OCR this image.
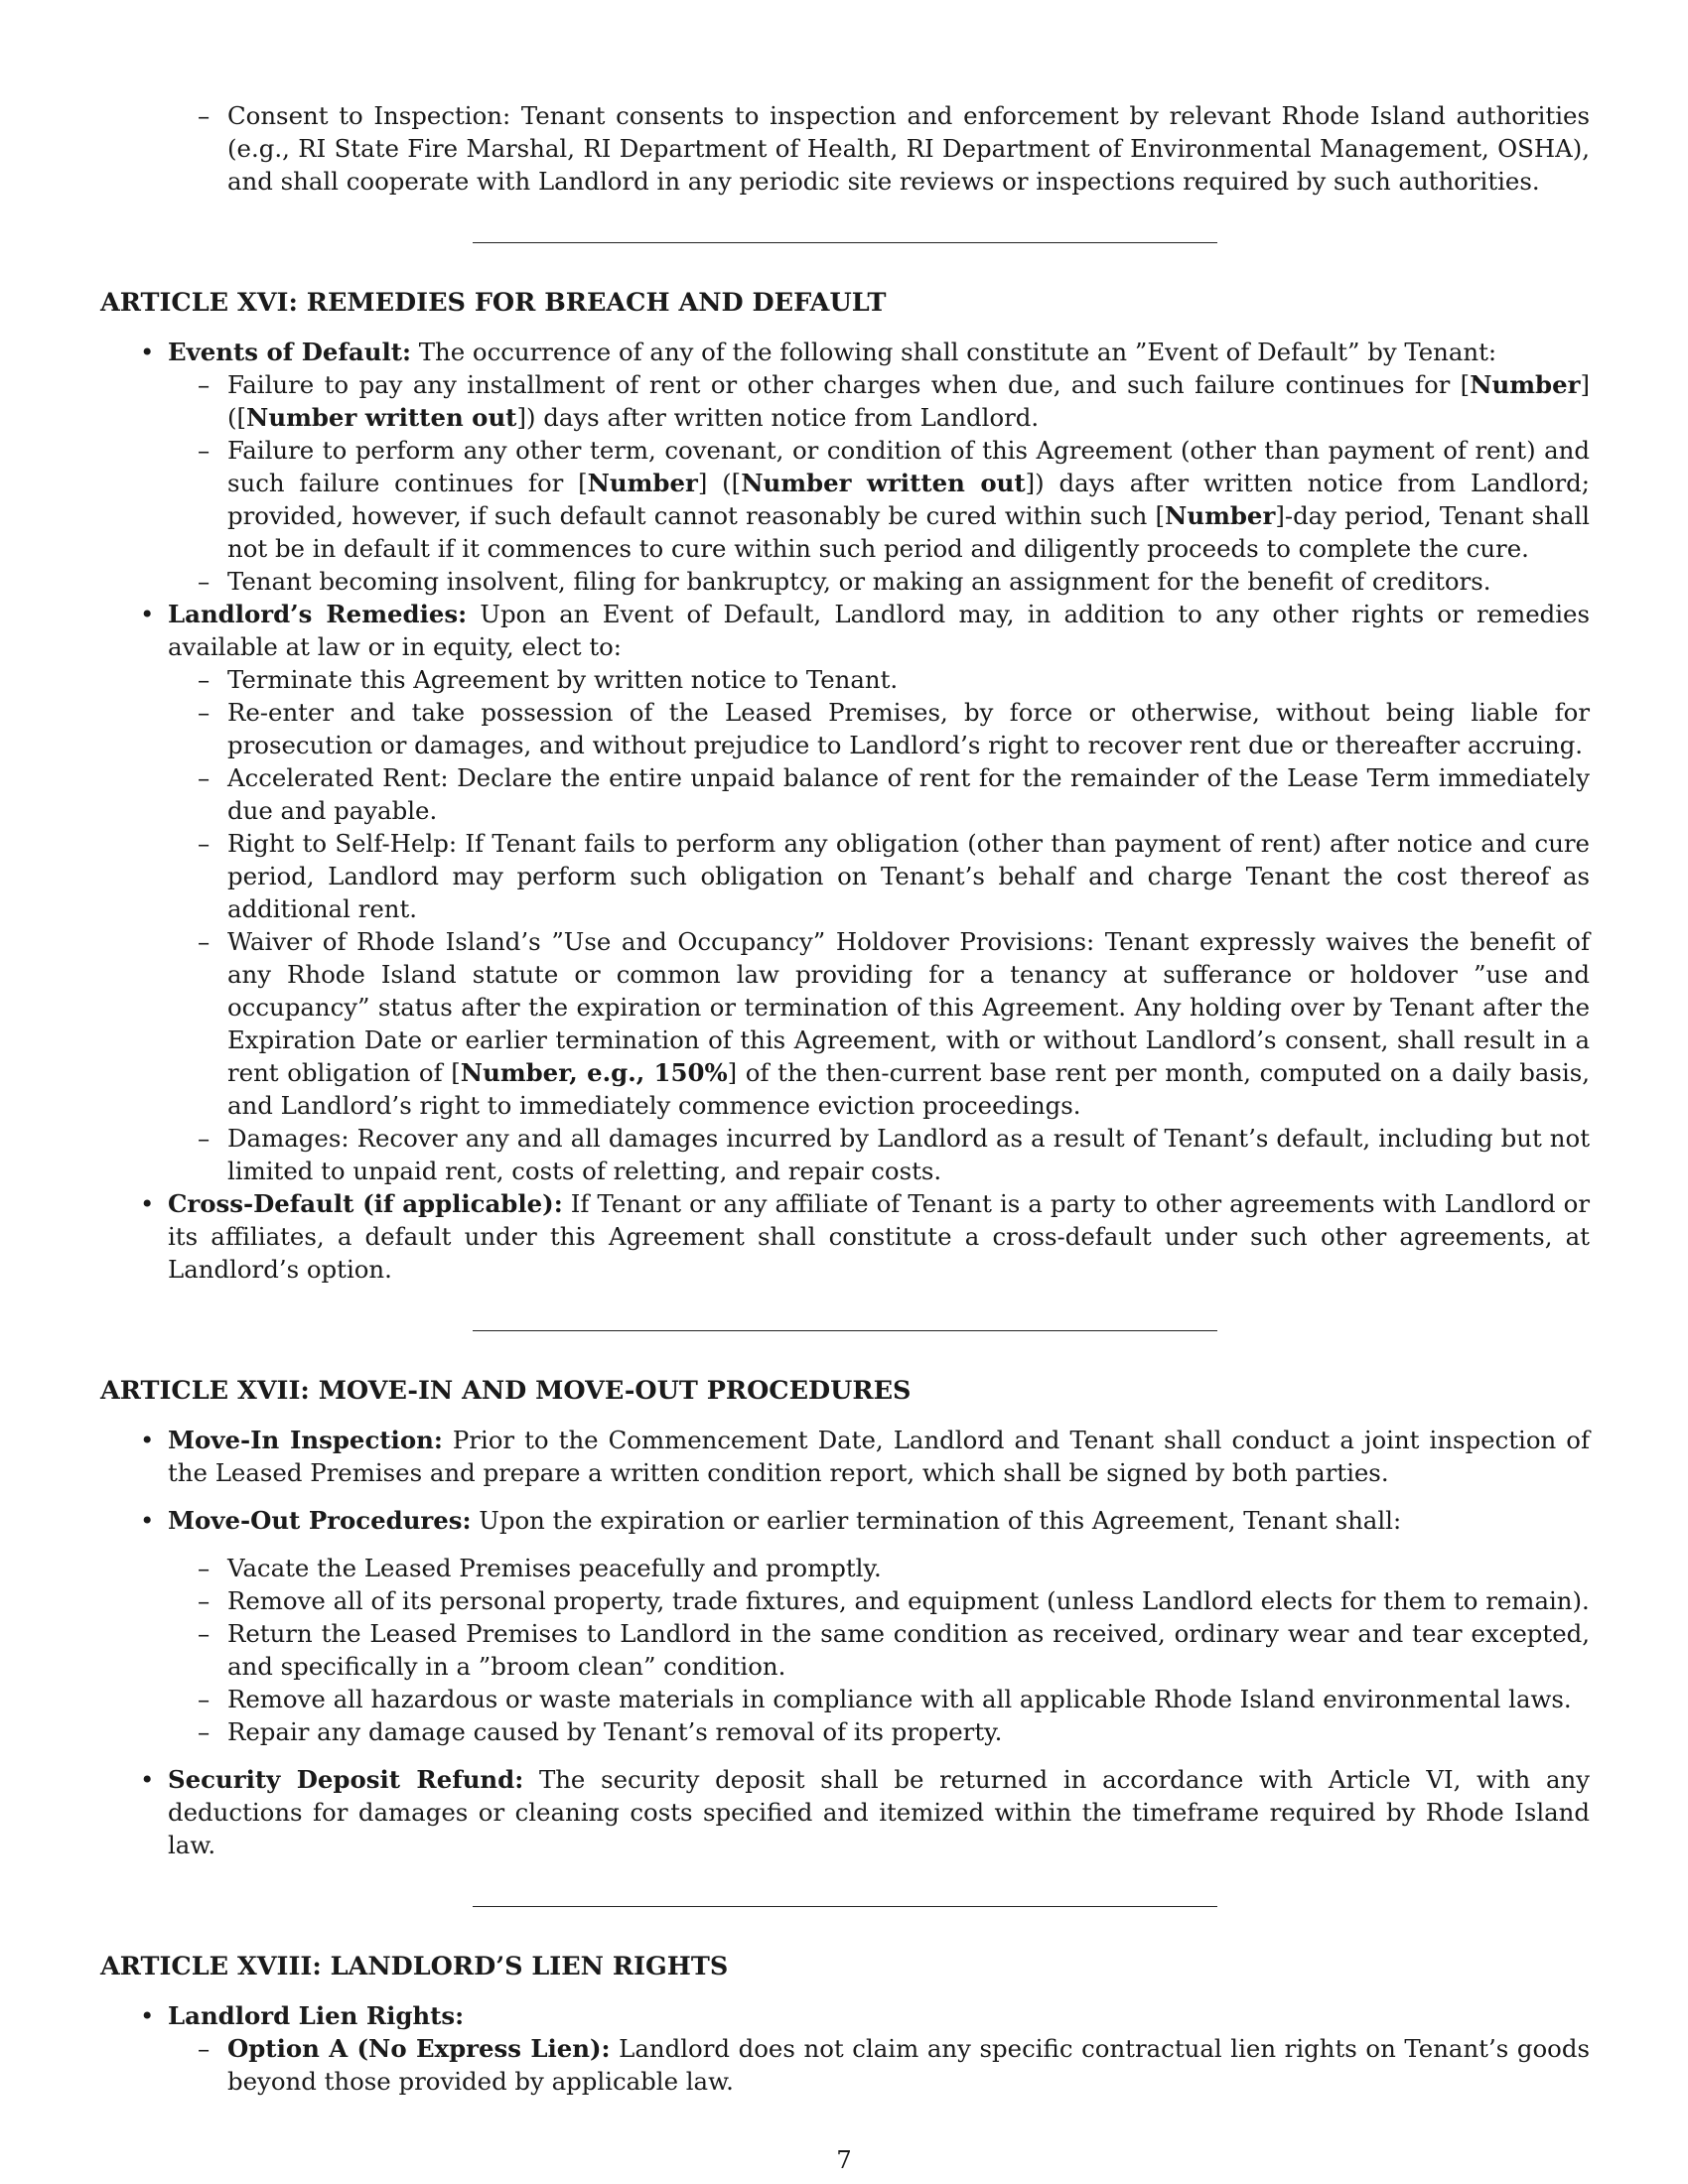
– Consent to Inspection: Tenant consents to inspection and enforcement by relevant Rhode Island authorities (e.g., RI State Fire Marshal, RI Department of Health, RI Department of Environmental Management, OSHA), and shall cooperate with Landlord in any periodic site reviews or inspections required by such authorities.
ARTICLE XVI: REMEDIES FOR BREACH AND DEFAULT
• Events of Default: The occurrence of any of the following shall constitute an ”Event of Default” by Tenant:
– Failure to pay any installment of rent or other charges when due, and such failure continues for [Number] ([Number written out]) days after written notice from Landlord.
– Failure to perform any other term, covenant, or condition of this Agreement (other than payment of rent) and such failure continues for [Number] ([Number written out]) days after written notice from Landlord; provided, however, if such default cannot reasonably be cured within such [Number]-day period, Tenant shall not be in default if it commences to cure within such period and diligently proceeds to complete the cure.
– Tenant becoming insolvent, filing for bankruptcy, or making an assignment for the benefit of creditors.
• Landlord’s Remedies: Upon an Event of Default, Landlord may, in addition to any other rights or remedies available at law or in equity, elect to:
– Terminate this Agreement by written notice to Tenant.
– Re-enter and take possession of the Leased Premises, by force or otherwise, without being liable for prosecution or damages, and without prejudice to Landlord’s right to recover rent due or thereafter accruing.
– Accelerated Rent: Declare the entire unpaid balance of rent for the remainder of the Lease Term immediately due and payable.
– Right to Self-Help: If Tenant fails to perform any obligation (other than payment of rent) after notice and cure period, Landlord may perform such obligation on Tenant’s behalf and charge Tenant the cost thereof as additional rent.
– Waiver of Rhode Island’s ”Use and Occupancy” Holdover Provisions: Tenant expressly waives the benefit of any Rhode Island statute or common law providing for a tenancy at sufferance or holdover ”use and occupancy” status after the expiration or termination of this Agreement. Any holding over by Tenant after the Expiration Date or earlier termination of this Agreement, with or without Landlord’s consent, shall result in a rent obligation of [Number, e.g., 150%] of the then-current base rent per month, computed on a daily basis, and Landlord’s right to immediately commence eviction proceedings.
– Damages: Recover any and all damages incurred by Landlord as a result of Tenant’s default, including but not limited to unpaid rent, costs of reletting, and repair costs.
• Cross-Default (if applicable): If Tenant or any affiliate of Tenant is a party to other agreements with Landlord or its affiliates, a default under this Agreement shall constitute a cross-default under such other agreements, at Landlord’s option.
ARTICLE XVII: MOVE-IN AND MOVE-OUT PROCEDURES
• Move-In Inspection: Prior to the Commencement Date, Landlord and Tenant shall conduct a joint inspection of the Leased Premises and prepare a written condition report, which shall be signed by both parties.
• Move-Out Procedures: Upon the expiration or earlier termination of this Agreement, Tenant shall:
– Vacate the Leased Premises peacefully and promptly.
– Remove all of its personal property, trade fixtures, and equipment (unless Landlord elects for them to remain).
– Return the Leased Premises to Landlord in the same condition as received, ordinary wear and tear excepted, and specifically in a ”broom clean” condition.
– Remove all hazardous or waste materials in compliance with all applicable Rhode Island environmental laws.
– Repair any damage caused by Tenant’s removal of its property.
• Security Deposit Refund: The security deposit shall be returned in accordance with Article VI, with any deductions for damages or cleaning costs specified and itemized within the timeframe required by Rhode Island law.
ARTICLE XVIII: LANDLORD’S LIEN RIGHTS
• Landlord Lien Rights:
– Option A (No Express Lien): Landlord does not claim any specific contractual lien rights on Tenant’s goods beyond those provided by applicable law.
7
